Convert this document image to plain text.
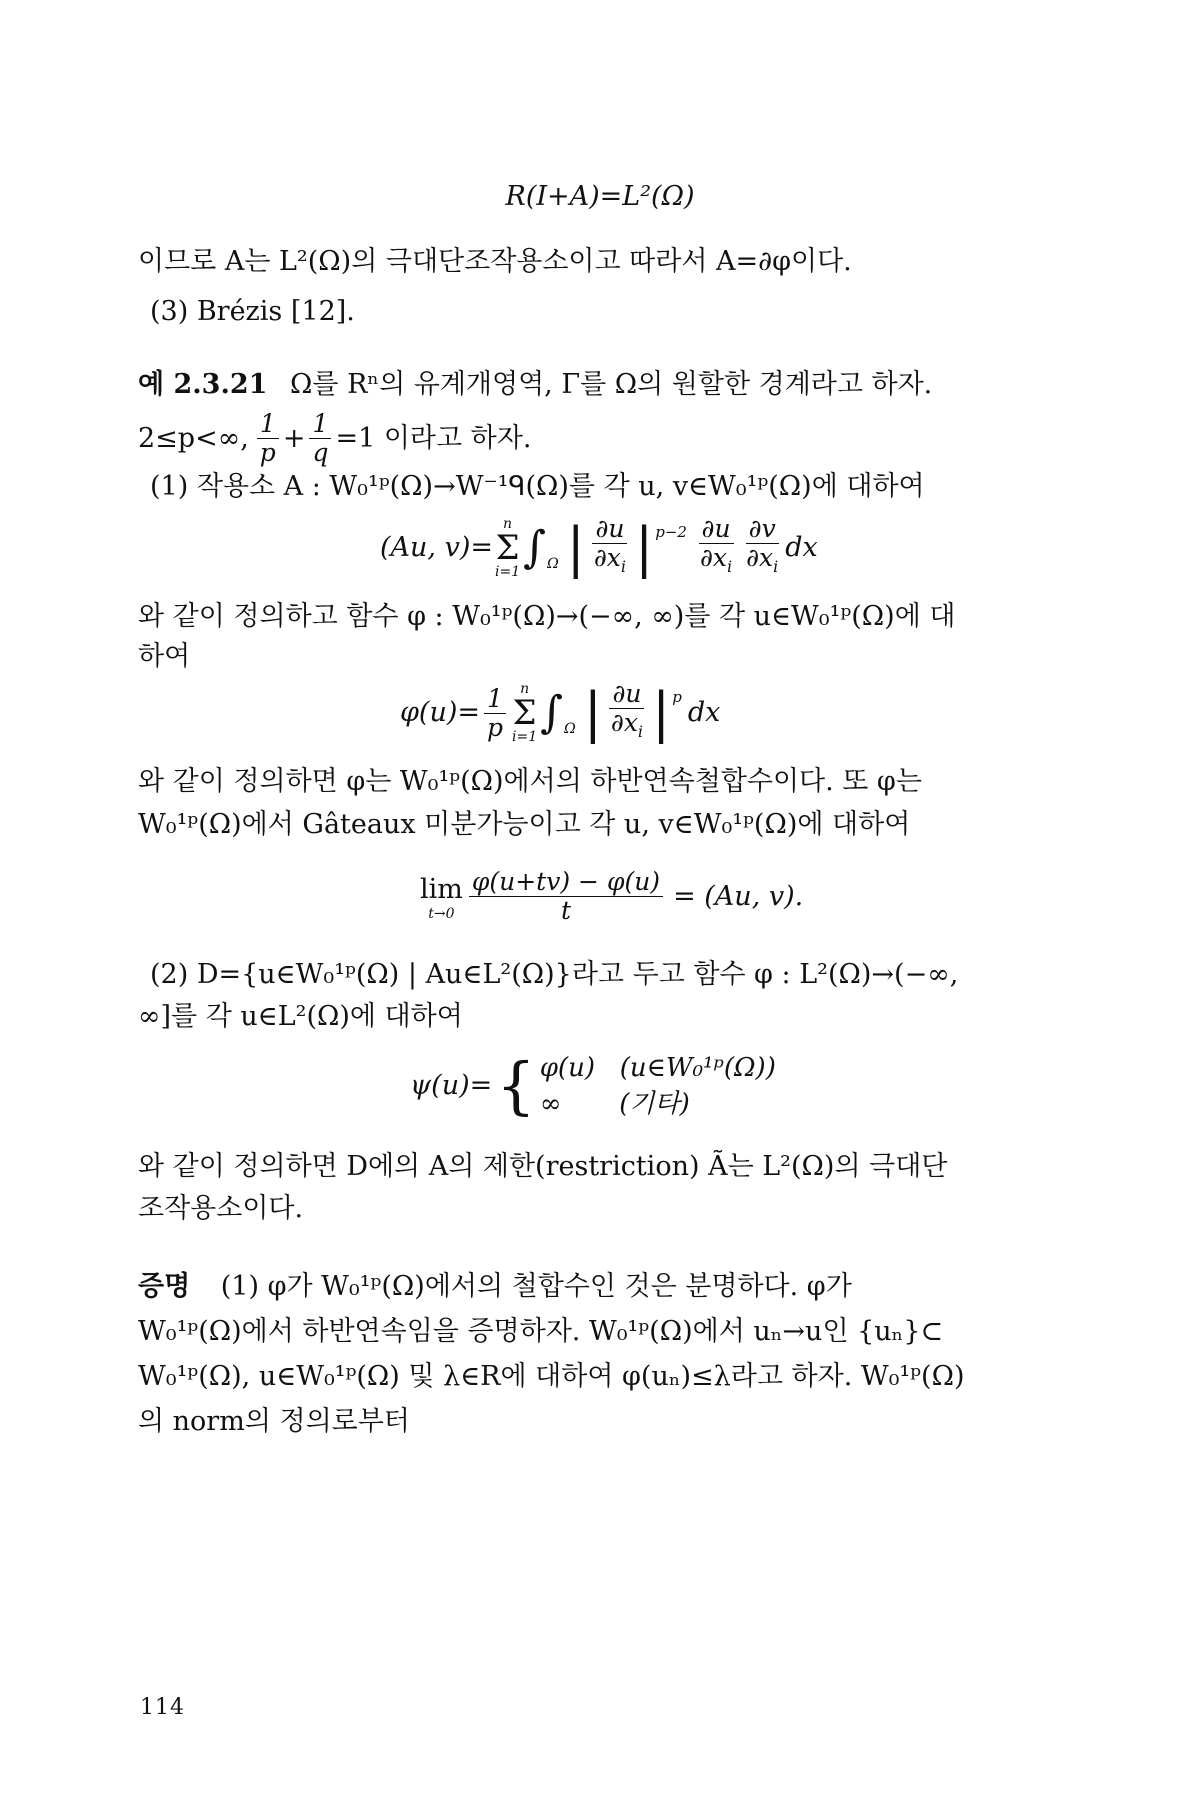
R(I+A)=L²(Ω)
이므로 A는 L²(Ω)의 극대단조작용소이고 따라서 A=∂φ이다.
(3) Brézis [12].
예 2.3.21 Ω를 Rⁿ의 유계개영역, Γ를 Ω의 원할한 경계라고 하자.
2≤p<∞, $\frac{1}{p} + \frac{1}{q} =1$ 이라고 하자.
(1) 작용소 A : W₀¹ᵖ(Ω)→W⁻¹ᑫ(Ω)를 각 u, v∈W₀¹ᵖ(Ω)에 대하여
(Au, v)=
n
Σ
i=1 ∫ Ω | $\frac{\partial u}{\partial x_i}$ | $p-2 \frac{\partial u}{\partial x_i} \frac{\partial v}{\partial x_i}$ dx
와 같이 정의하고 함수 φ : W₀¹ᵖ(Ω)→(−∞, ∞)를 각 u∈W₀¹ᵖ(Ω)에 대
하여
$\varphi(u)= \frac{1}{p}$ n
Σ
i=1 ∫ Ω | $\frac{\partial u}{\partial x_i}$ | p dx
와 같이 정의하면 φ는 W₀¹ᵖ(Ω)에서의 하반연속철합수이다. 또 φ는
W₀¹ᵖ(Ω)에서 Gâteaux 미분가능이고 각 u, v∈W₀¹ᵖ(Ω)에 대하여
lim
$t\to 0 \frac{\varphi(u+tv) - \varphi(u)}{t} = (Au$, v).
(2) D={u∈W₀¹ᵖ(Ω) | Au∈L²(Ω)}라고 두고 함수 φ : L²(Ω)→(−∞,
∞]를 각 u∈L²(Ω)에 대하여
ψ(u)= { φ(u)   (u∈W₀¹ᵖ(Ω))
∞       (기타)
와 같이 정의하면 D에의 A의 제한(restriction) Ã는 L²(Ω)의 극대단
조작용소이다.
증명 (1) φ가 W₀¹ᵖ(Ω)에서의 철합수인 것은 분명하다. φ가
W₀¹ᵖ(Ω)에서 하반연속임을 증명하자. W₀¹ᵖ(Ω)에서 uₙ→u인 {uₙ}⊂
W₀¹ᵖ(Ω), u∈W₀¹ᵖ(Ω) 및 λ∈R에 대하여 φ(uₙ)≤λ라고 하자. W₀¹ᵖ(Ω)
의 norm의 정의로부터
114
